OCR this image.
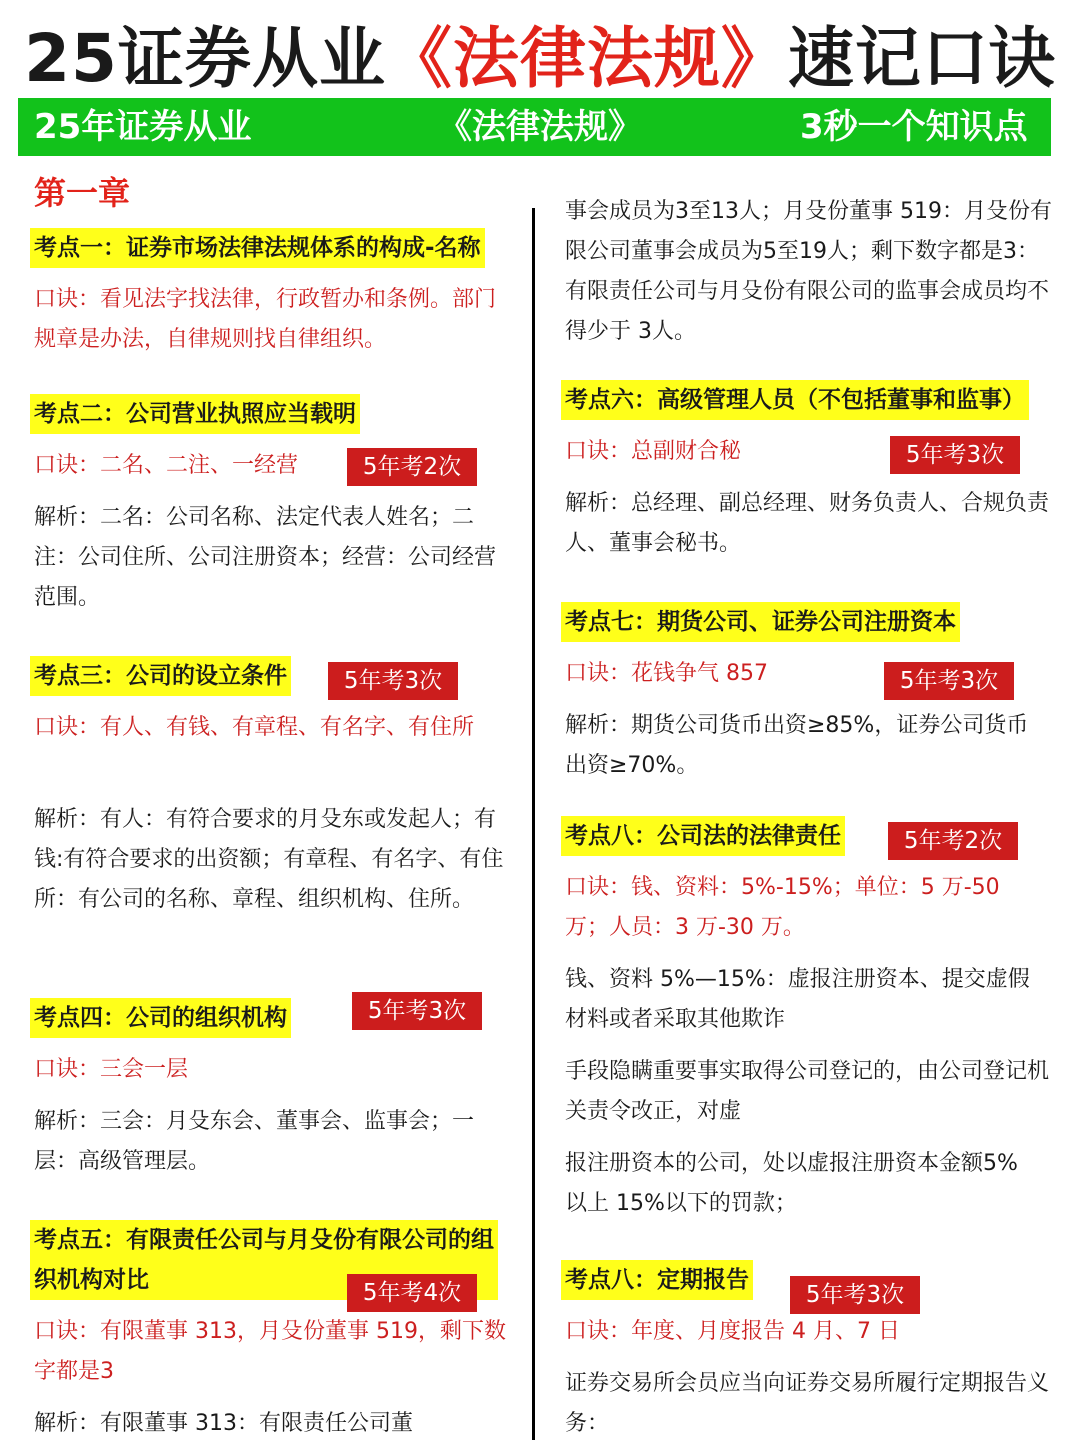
25证券从业《法律法规》速记口诀
25年证券从业	《法律法规》	3秒一个知识点
第一章
考点一：证券市场法律法规体系的构成-名称
口诀：看见法字找法律，行政暂办和条例。部门规章是办法，自律规则找自律组织。
考点二：公司营业执照应当载明
口诀：二名、二注、一经营	5年考2次
解析：二名：公司名称、法定代表人姓名；二注：公司住所、公司注册资本；经营：公司经营范围。
考点三：公司的设立条件	5年考3次
口诀：有人、有钱、有章程、有名字、有住所
解析：有人：有符合要求的月殳东或发起人；有钱:有符合要求的出资额；有章程、有名字、有住所：有公司的名称、章程、组织机构、住所。
考点四：公司的组织机构	5年考3次
口诀：三会一层
解析：三会：月殳东会、董事会、监事会；一层：高级管理层。
考点五：有限责任公司与月殳份有限公司的组织机构对比	5年考4次
口诀：有限董事 313，月殳份董事 519，剩下数字都是3
解析：有限董事 313：有限责任公司董
事会成员为3至13人；月殳份董事 519：月殳份有限公司董事会成员为5至19人；剩下数字都是3：有限责任公司与月殳份有限公司的监事会成员均不得少于 3人。
考点六：高级管理人员（不包括董事和监事）
口诀：总副财合秘	5年考3次
解析：总经理、副总经理、财务负责人、合规负责人、董事会秘书。
考点七：期货公司、证券公司注册资本
口诀：花钱争气 857	5年考3次
解析：期货公司货币出资≥85%，证券公司货币出资≥70%。
考点八：公司法的法律责任	5年考2次
口诀：钱、资料：5%-15%；单位：5 万-50 万；人员：3 万-30 万。
钱、资料 5%—15%：虚报注册资本、提交虚假材料或者采取其他欺诈
手段隐瞒重要事实取得公司登记的，由公司登记机关责令改正，对虚
报注册资本的公司，处以虚报注册资本金额5%以上 15%以下的罚款；
考点八：定期报告
5年考3次
口诀：年度、月度报告 4 月、7 日
证券交易所会员应当向证券交易所履行定期报告义务：
